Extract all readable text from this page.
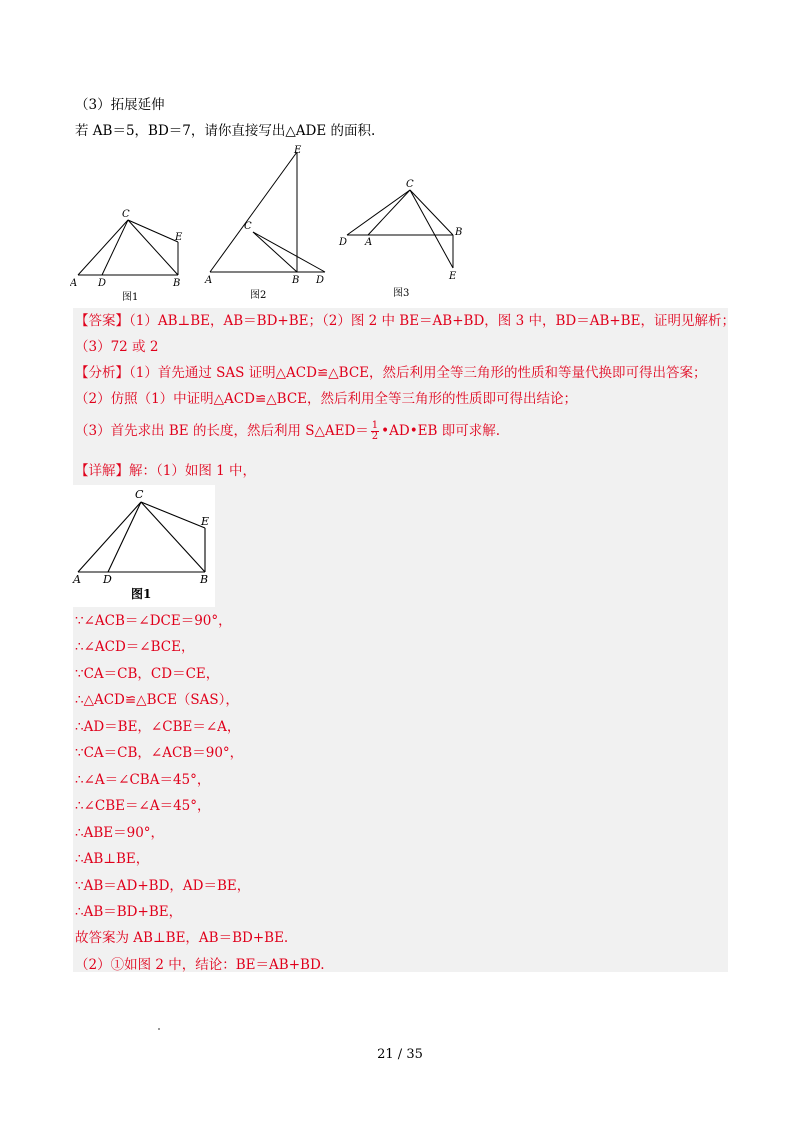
（3）拓展延伸
若 AB＝5，BD＝7，请你直接写出△ADE 的面积.
A D	B
C
E
图1
A	B D
C
E
图2
D A
B
C
E
图3
【答案】（1）AB⊥BE，AB＝BD+BE；（2）图 2 中 BE＝AB+BD，图 3 中，BD＝AB+BE，证明见解析；
（3）72 或 2
【分析】（1）首先通过 SAS 证明△ACD≌△BCE，然后利用全等三角形的性质和等量代换即可得出答案；
（2）仿照（1）中证明△ACD≌△BCE，然后利用全等三角形的性质即可得出结论；
（3）首先求出 BE 的长度，然后利用 S△AED＝ $\frac{1}{2}$ •AD•EB 即可求解.
【详解】解：（1）如图 1 中，
A D	B
C
E
图1
∵∠ACB＝∠DCE＝90°，
∴∠ACD＝∠BCE，
∵CA＝CB，CD＝CE，
∴△ACD≌△BCE（SAS），
∴AD＝BE，∠CBE＝∠A，
∵CA＝CB，∠ACB＝90°，
∴∠A＝∠CBA＝45°，
∴∠CBE＝∠A＝45°，
∴ABE＝90°，
∴AB⊥BE，
∵AB＝AD+BD，AD＝BE，
∴AB＝BD+BE，
故答案为 AB⊥BE，AB＝BD+BE.
（2）①如图 2 中，结论：BE＝AB+BD.
21 / 35
